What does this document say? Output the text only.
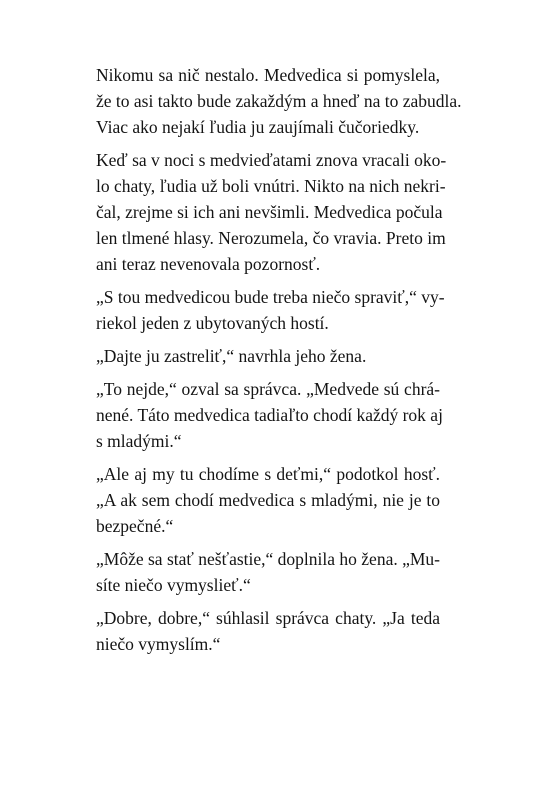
Nikomu sa nič nestalo. Medvedica si pomyslela,
že to asi takto bude zakaždým a hneď na to zabudla.
Viac ako nejakí ľudia ju zaujímali čučoriedky.

Keď sa v noci s medvieďatami znova vracali oko-
lo chaty, ľudia už boli vnútri. Nikto na nich nekri-
čal, zrejme si ich ani nevšimli. Medvedica počula
len tlmené hlasy. Nerozumela, čo vravia. Preto im
ani teraz nevenovala pozornosť.

„S tou medvedicou bude treba niečo spraviť,“ vy-
riekol jeden z ubytovaných hostí.

„Dajte ju zastreliť,“ navrhla jeho žena.

„To nejde,“ ozval sa správca. „Medvede sú chrá-
nené. Táto medvedica tadiaľto chodí každý rok aj
s mladými.“

„Ale aj my tu chodíme s deťmi,“ podotkol hosť.
„A ak sem chodí medvedica s mladými, nie je to
bezpečné.“

„Môže sa stať nešťastie,“ doplnila ho žena. „Mu-
síte niečo vymyslieť.“

„Dobre, dobre,“ súhlasil správca chaty. „Ja teda
niečo vymyslím.“
